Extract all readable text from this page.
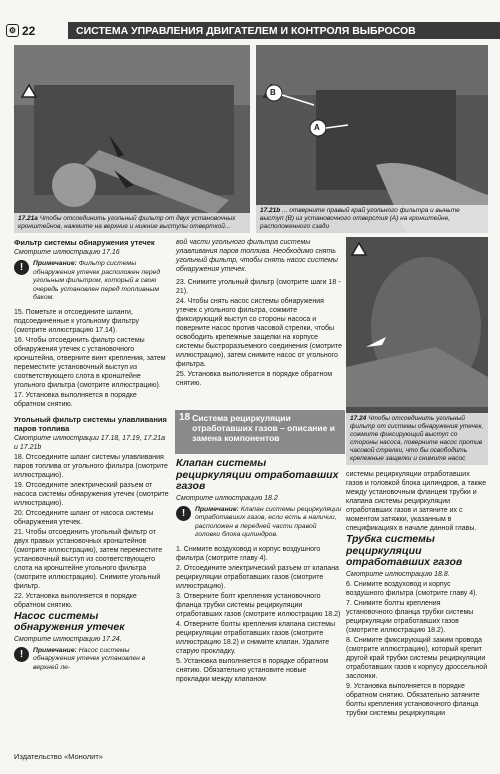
⚙ 22	СИСТЕМА УПРАВЛЕНИЯ ДВИГАТЕЛЕМ И КОНТРОЛЯ ВЫБРОСОВ
17.21a Чтобы отсоединить угольный фильтр от двух установочных кронштейнов, нажмите на верхние и нижние выступы отверткой...
B
A
17.21b ... отверните правый край угольного фильтра и выньте выступ (B) из установочного отверстия (A) на кронштейне, расположенного сзади
17.24 Чтобы отсоединить угольный фильтр от системы обнаружения утечек, сожмите фиксирующий выступ со стороны насоса, поверните насос против часовой стрелки, что бы освободить крепежные защелки и снимите насос

Фильтр системы обнаружения утечек

Смотрите иллюстрацию 17.16

!	Примечание: Фильтр системы обнаружения утечек расположен перед угольным фильтром, который в свою очередь установлен перед топливным баком.

15. Пометьте и отсоедините шланги, подсоединенные к угольному фильтру (смотрите иллюстрацию 17.14).

16. Чтобы отсоединить фильтр системы обнаружения утечек с установочного кронштейна, отверните винт крепления, затем переместите установочный выступ из соответствующего слота в кронштейне угольного фильтра (смотрите иллюстрацию).

17. Установка выполняется в порядке обратном снятию.

Угольный фильтр системы улавливания паров топлива

Смотрите иллюстрации 17.18, 17.19, 17.21a и 17.21b

18. Отсоедините шланг системы улавливания паров топлива от угольного фильтра (смотрите иллюстрацию).

19. Отсоедините электрический разъем от насоса системы обнаружения утечек (смотрите иллюстрацию).

20. Отсоедините шланг от насоса системы обнаружения утечек.

21. Чтобы отсоединить угольный фильтр от двух правых установочных кронштейнов (смотрите иллюстрацию), затем переместите установочный выступ из соответствующего слота на кронштейне угольного фильтра (смотрите иллюстрацию). Снимите угольный фильтр.

22. Установка выполняется в порядке обратном снятию.

Насос системы обнаружения утечек

Смотрите иллюстрацию 17.24.

!	Примечание: Насос системы обнаружения утечек установлен в верхней ле-

вой части угольного фильтра системы улавливания паров топлива. Необходимо снять угольный фильтр, чтобы снять насос системы обнаружения утечек.

23. Снимите угольный фильтр (смотрите шаги 18 - 21).

24. Чтобы снять насос системы обнаружения утечек с угольного фильтра, сожмите фиксирующий выступ со стороны насоса и поверните насос против часовой стрелки, чтобы освободить крепежные защелки на корпусе системы быстроразъемного соединения (смотрите иллюстрацию), затем снимите насос от угольного фильтра.

25. Установка выполняется в порядке обратном снятию.

18 Система рециркуляции отработавших газов – описание и замена компонентов

Клапан системы рециркуляции отработавших газов

Смотрите иллюстрацию 18.2

!	Примечание: Клапан системы рециркуляции отработавших газов, если есть в наличии, расположен в передней части правой головки блока цилиндров.

1. Снимите воздуховод и корпус воздушного фильтра (смотрите главу 4).

2. Отсоедините электрический разъем от клапана рециркуляции отработавших газов (смотрите иллюстрацию).

3. Отверните болт крепления установочного фланца трубки системы рециркуляции отработавших газов (смотрите иллюстрацию 18.2)

4. Отверните болты крепления клапана системы рециркуляции отработавших газов (смотрите иллюстрацию 18.2) и снимите клапан. Удалите старую прокладку.

5. Установка выполняется в порядке обратном снятию. Обязательно установите новые прокладки между клапаном

системы рециркуляции отработавших газов и головкой блока цилиндров, а также между установочным фланцем трубки и клапана системы рециркуляции отработавших газов и затяните их с моментом затяжки, указанным в спецификациях в начале данной главы.

Трубка системы рециркуляции отработавших газов

Смотрите иллюстрацию 18.8.

6. Снимите воздуховод и корпус воздушного фильтра (смотрите главу 4).

7. Снимите болты крепления установочного фланца трубки системы рециркуляции отработавших газов (смотрите иллюстрацию 18.2).

8. Снимите фиксирующий зажим провода (смотрите иллюстрацию), который крепит другой край трубки системы рециркуляции отработавших газов к корпусу дроссельной заслонки.

9. Установка выполняется в порядке обратном снятию. Обязательно затяните болты крепления установочного фланца трубки системы рециркуляции

Издательство «Монолит»
